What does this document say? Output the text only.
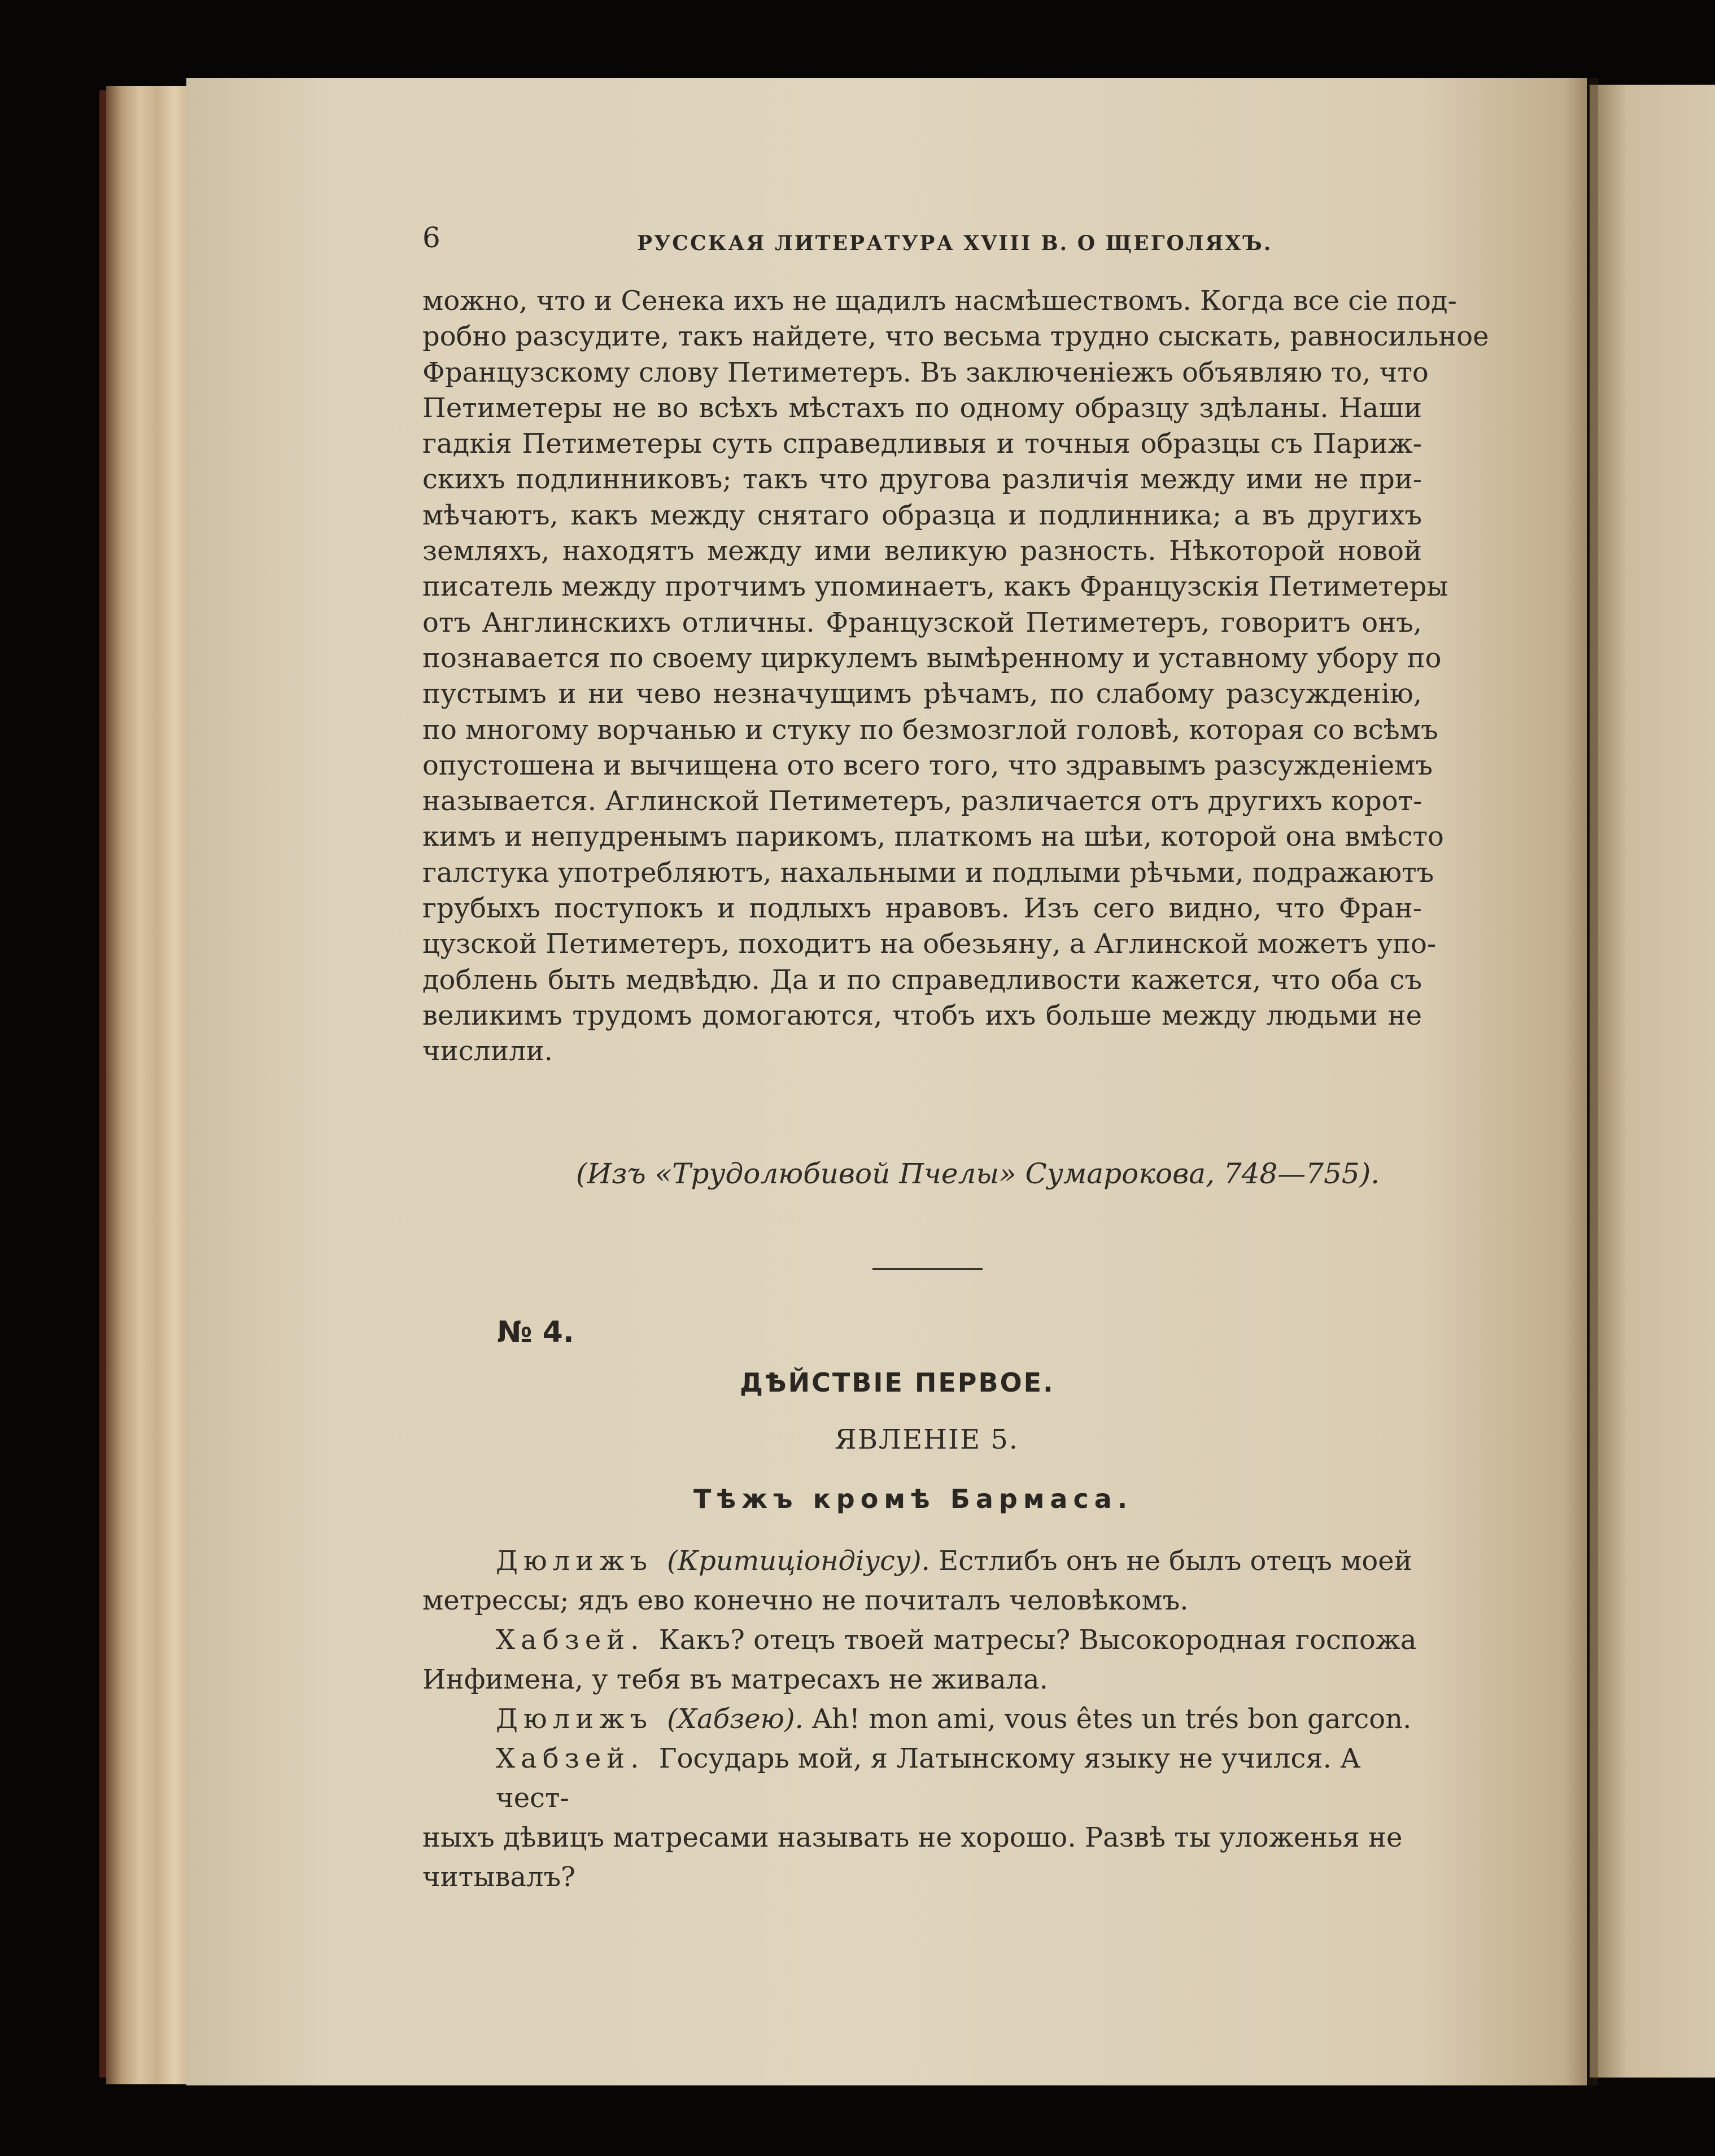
6	РУССКАЯ ЛИТЕРАТУРА XVIII В. О ЩЕГОЛЯХЪ.
можно, что и Сенека ихъ не щадилъ насмѣшествомъ. Когда все сіе под-
робно разсудите, такъ найдете, что весьма трудно сыскать, равносильное
Французскому слову Петиметеръ. Въ заключеніежъ объявляю то, что
Петиметеры не во всѣхъ мѣстахъ по одному образцу здѣланы. Наши
гадкія Петиметеры суть справедливыя и точныя образцы съ Париж-
скихъ подлинниковъ; такъ что другова различія между ими не при-
мѣчаютъ, какъ между снятаго образца и подлинника; а въ другихъ
земляхъ, находятъ между ими великую разность. Нѣкоторой новой
писатель между протчимъ упоминаетъ, какъ Французскія Петиметеры
отъ Англинскихъ отличны. Французской Петиметеръ, говоритъ онъ,
познавается по своему циркулемъ вымѣренному и уставному убору по
пустымъ и ни чево незначущимъ рѣчамъ, по слабому разсужденію,
по многому ворчанью и стуку по безмозглой головѣ, которая со всѣмъ
опустошена и вычищена ото всего того, что здравымъ разсужденіемъ
называется. Аглинской Петиметеръ, различается отъ другихъ корот-
кимъ и непудренымъ парикомъ, платкомъ на шѣи, которой она вмѣсто
галстука употребляютъ, нахальными и подлыми рѣчьми, подражаютъ
грубыхъ поступокъ и подлыхъ нравовъ. Изъ сего видно, что Фран-
цузской Петиметеръ, походитъ на обезьяну, а Аглинской можетъ упо-
доблень быть медвѣдю. Да и по справедливости кажется, что оба съ
великимъ трудомъ домогаются, чтобъ ихъ больше между людьми не
числили.
(Изъ «Трудолюбивой Пчелы» Сумарокова, 748—755).
№ 4.
ДѢЙСТВІЕ ПЕРВОЕ.
ЯВЛЕНІЕ 5.
Тѣжъ кромѣ Бармаса.
Дюлижъ (Критиціондіусу). Естлибъ онъ не былъ отецъ моей
метрессы; ядъ ево конечно не почиталъ человѣкомъ.
Хабзей. Какъ? отецъ твоей матресы? Высокородная госпожа
Инфимена, у тебя въ матресахъ не живала.
Дюлижъ (Хабзею). Ah! mon ami, vous êtes un trés bon garcon.
Хабзей. Государь мой, я Латынскому языку не учился. А чест-
ныхъ дѣвицъ матресами называть не хорошо. Развѣ ты уложенья не
читывалъ?
